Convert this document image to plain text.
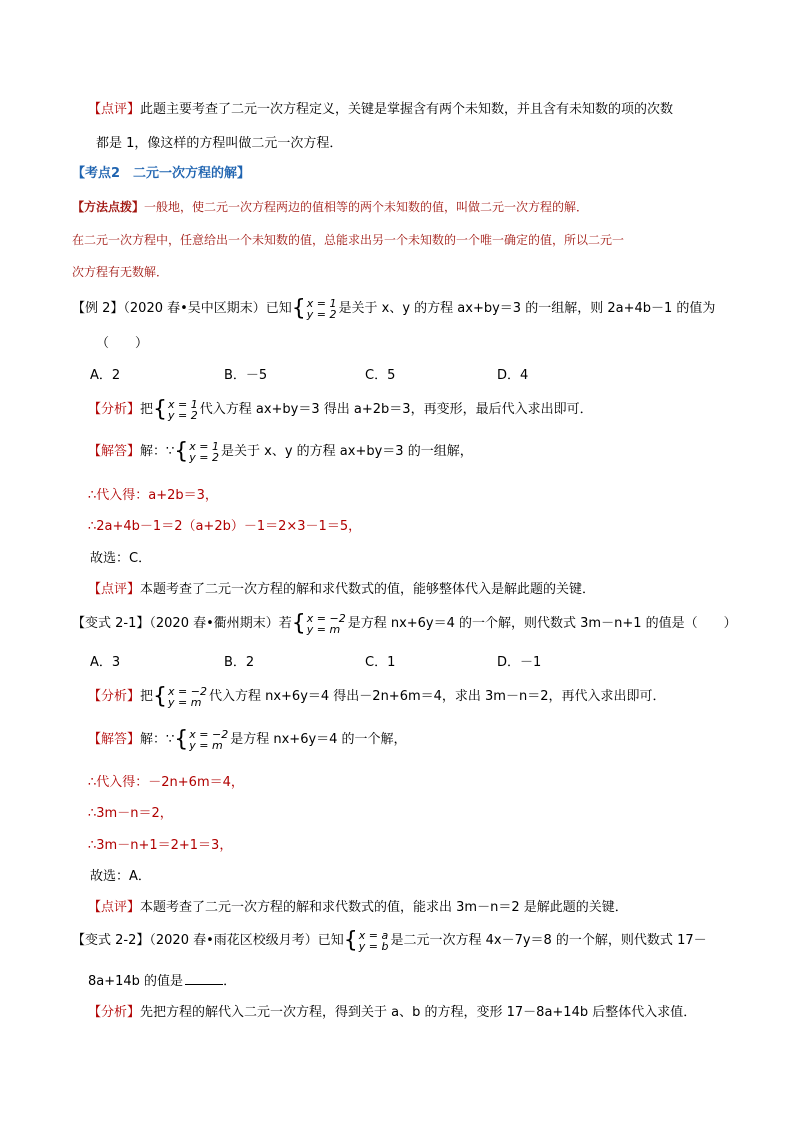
【点评】此题主要考查了二元一次方程定义，关键是掌握含有两个未知数，并且含有未知数的项的次数
都是 1，像这样的方程叫做二元一次方程．
【考点2　二元一次方程的解】
【方法点拨】一般地，使二元一次方程两边的值相等的两个未知数的值，叫做二元一次方程的解．
在二元一次方程中，任意给出一个未知数的值，总能求出另一个未知数的一个唯一确定的值，所以二元一
次方程有无数解．
【例 2】（2020 春•吴中区期末）已知{ x = 1
y = 2 是关于 x、y 的方程 ax+by＝3 的一组解，则 2a+4b－1 的值为
（　　）
A．2	B．－5	C．5	D．4
【分析】把{ x = 1
y = 2 代入方程 ax+by＝3 得出 a+2b＝3，再变形，最后代入求出即可．
【解答】解：∵{ x = 1
y = 2 是关于 x、y 的方程 ax+by＝3 的一组解，
∴代入得：a+2b＝3，
∴2a+4b－1＝2（a+2b）－1＝2×3－1＝5，
故选：C．
【点评】本题考查了二元一次方程的解和求代数式的值，能够整体代入是解此题的关键．
【变式 2-1】（2020 春•衢州期末）若{ x = −2
y = m 是方程 nx+6y＝4 的一个解，则代数式 3m－n+1 的值是（　　）
A．3	B．2	C．1	D．－1
【分析】把{ x = −2
y = m 代入方程 nx+6y＝4 得出－2n+6m＝4，求出 3m－n＝2，再代入求出即可．
【解答】解：∵{ x = −2
y = m 是方程 nx+6y＝4 的一个解，
∴代入得：－2n+6m＝4，
∴3m－n＝2，
∴3m－n+1＝2+1＝3，
故选：A．
【点评】本题考查了二元一次方程的解和求代数式的值，能求出 3m－n＝2 是解此题的关键．
【变式 2-2】（2020 春•雨花区校级月考）已知{ x = a
y = b 是二元一次方程 4x－7y＝8 的一个解，则代数式 17－
8a+14b 的值是	．
【分析】先把方程的解代入二元一次方程，得到关于 a、b 的方程，变形 17－8a+14b 后整体代入求值．
